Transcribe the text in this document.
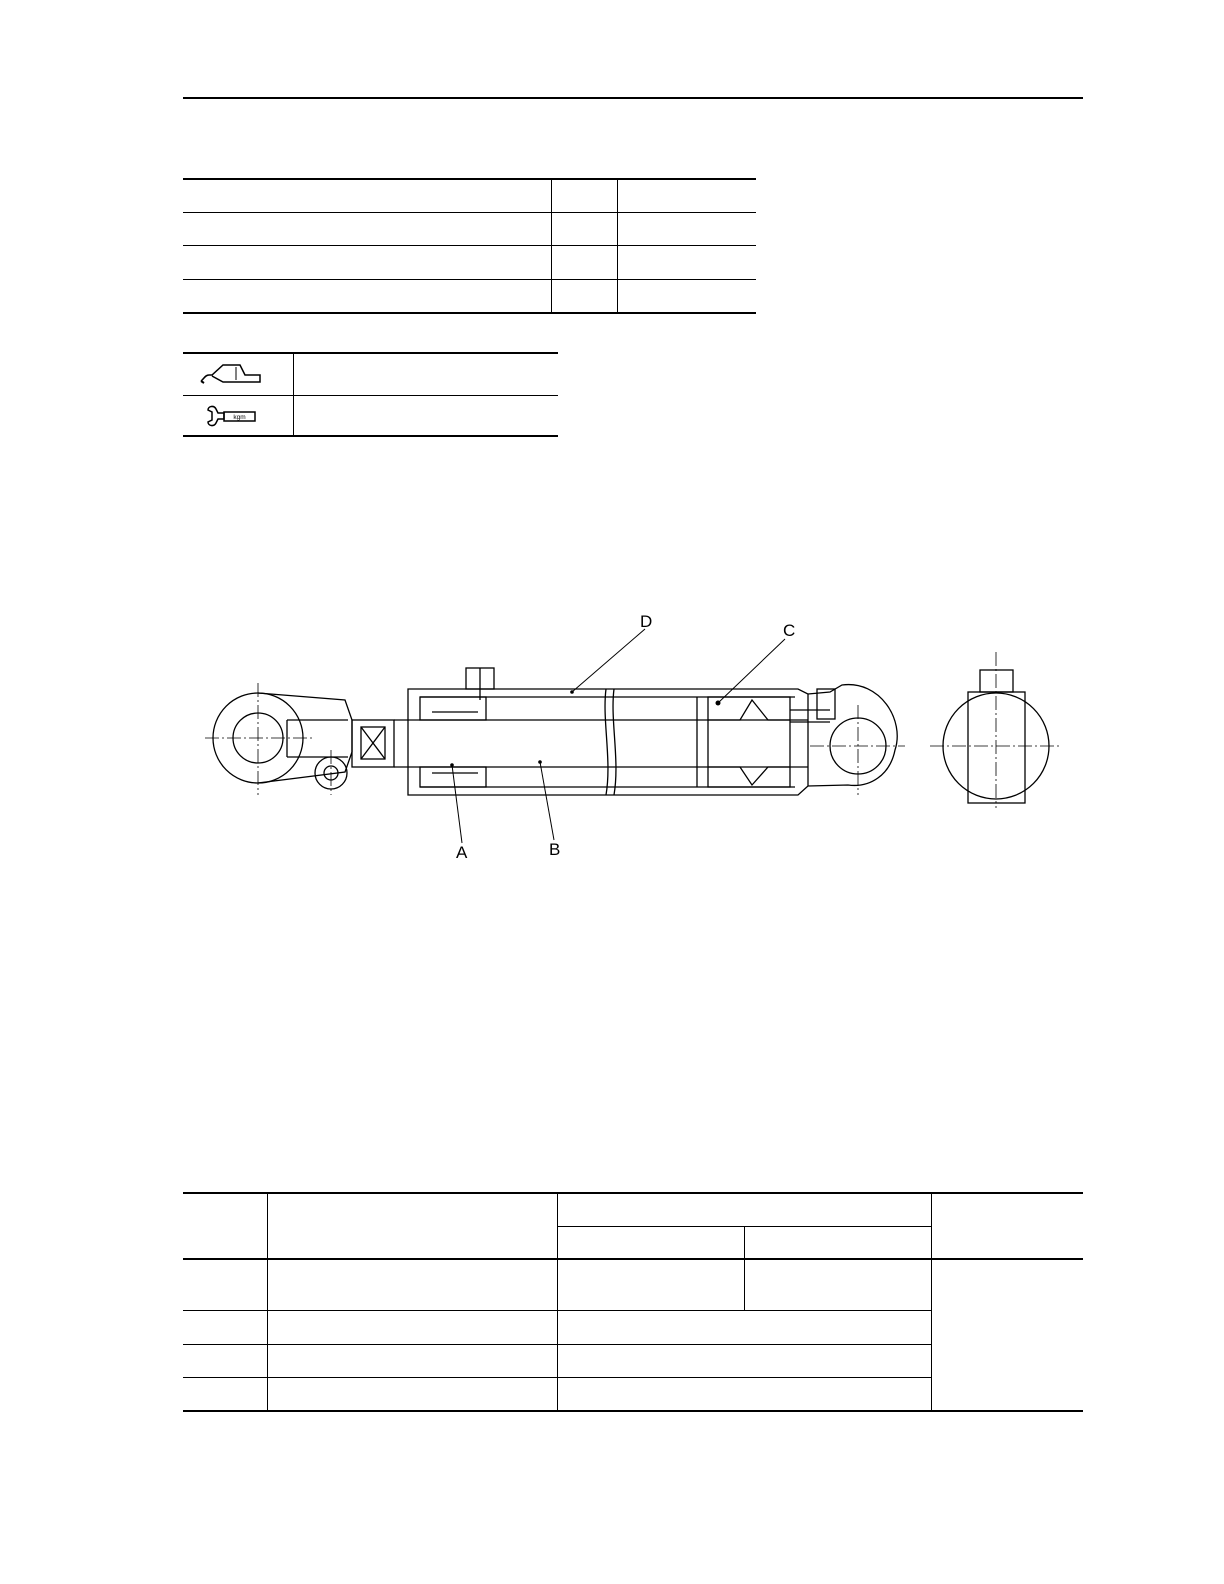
kgm
D	C
A	B
